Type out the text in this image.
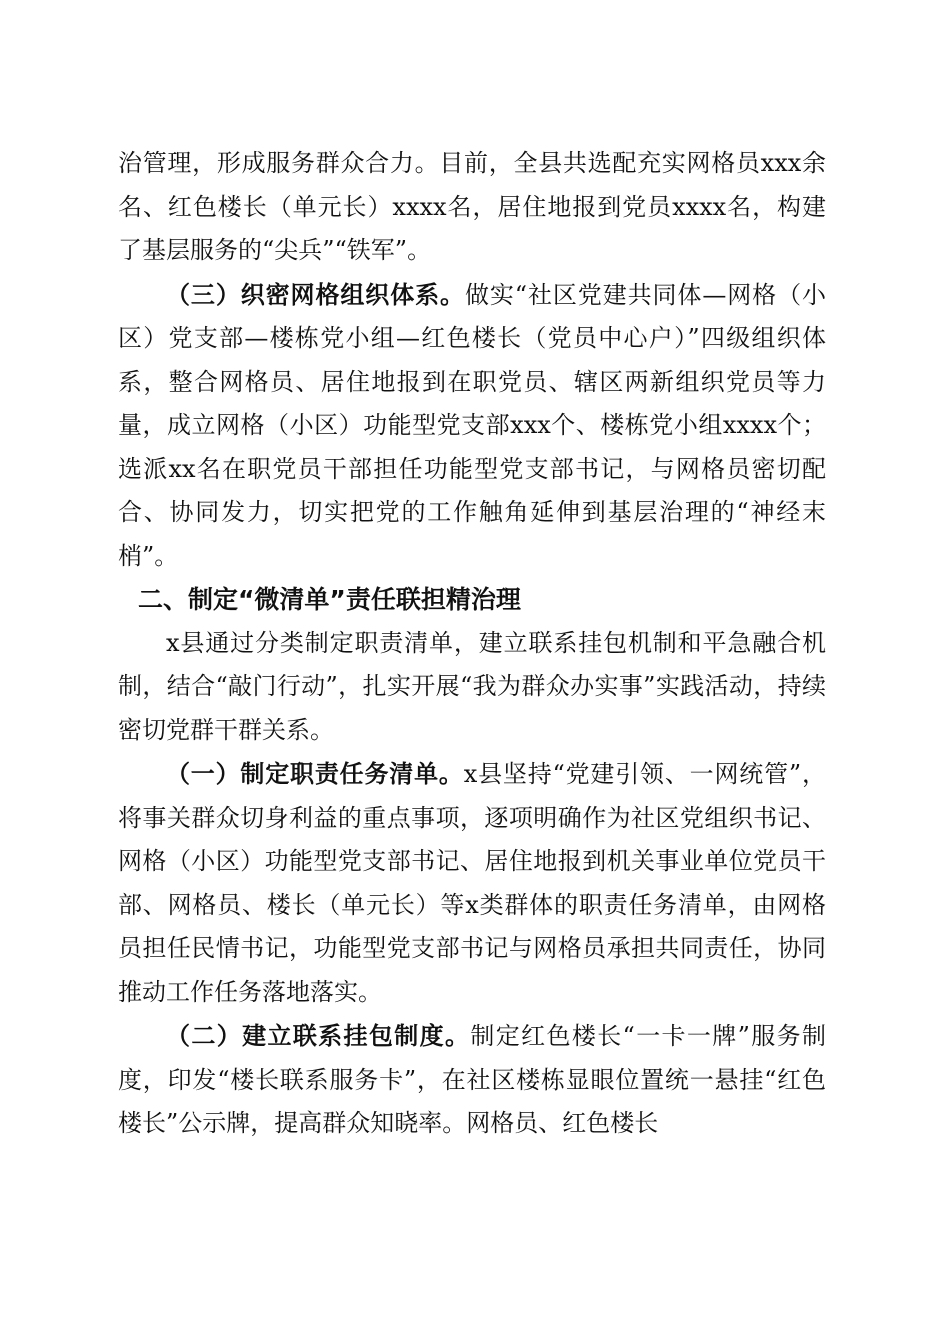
治管理，形成服务群众合力。目前，全县共选配充实网格员xxx余名、红色楼长（单元长）xxxx名，居住地报到党员xxxx名，构建了基层服务的“尖兵”“铁军”。

（三）织密网格组织体系。做实“社区党建共同体—网格（小区）党支部—楼栋党小组—红色楼长（党员中心户）”四级组织体系，整合网格员、居住地报到在职党员、辖区两新组织党员等力量，成立网格（小区）功能型党支部xxx个、楼栋党小组xxxx个；选派xx名在职党员干部担任功能型党支部书记，与网格员密切配合、协同发力，切实把党的工作触角延伸到基层治理的“神经末梢”。

二、制定“微清单”责任联担精治理

x县通过分类制定职责清单，建立联系挂包机制和平急融合机制，结合“敲门行动”，扎实开展“我为群众办实事”实践活动，持续密切党群干群关系。

（一）制定职责任务清单。x县坚持“党建引领、一网统管”，将事关群众切身利益的重点事项，逐项明确作为社区党组织书记、网格（小区）功能型党支部书记、居住地报到机关事业单位党员干部、网格员、楼长（单元长）等x类群体的职责任务清单，由网格员担任民情书记，功能型党支部书记与网格员承担共同责任，协同推动工作任务落地落实。

（二）建立联系挂包制度。制定红色楼长“一卡一牌”服务制度，印发“楼长联系服务卡”，在社区楼栋显眼位置统一悬挂“红色楼长”公示牌，提高群众知晓率。网格员、红色楼长
